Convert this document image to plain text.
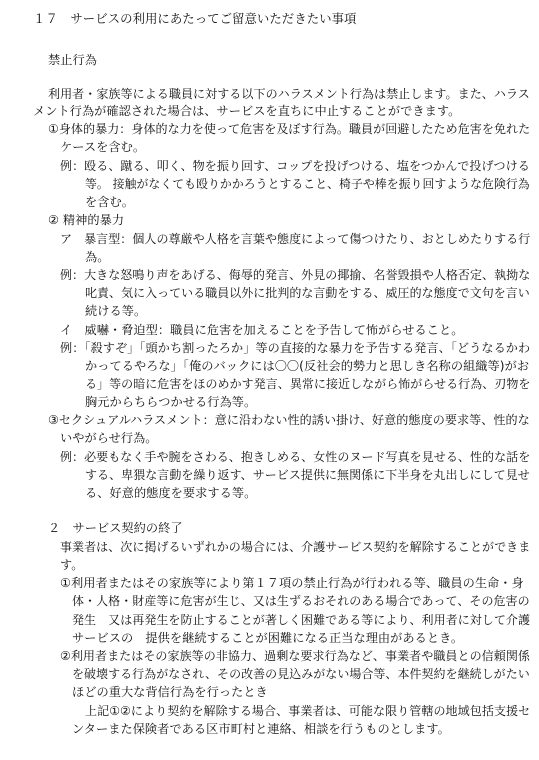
１７　サービスの利用にあたってご留意いただきたい事項
禁止行為
利用者・家族等による職員に対する以下のハラスメント行為は禁止します。また、ハラス
メント行為が確認された場合は、サービスを直ちに中止することができます。
①身体的暴力：身体的な力を使って危害を及ぼす行為。職員が回避したため危害を免れた
ケースを含む。
例：殴る、蹴る、叩く、物を振り回す、コップを投げつける、塩をつかんで投げつける
等。 接触がなくても殴りかかろうとすること、椅子や棒を振り回すような危険行為
を含む。
② 精神的暴力
ア　暴言型：個人の尊厳や人格を言葉や態度によって傷つけたり、おとしめたりする行
為。
例：大きな怒鳴り声をあげる、侮辱的発言、外見の揶揄、名誉毀損や人格否定、執拗な
叱責、気に入っている職員以外に批判的な言動をする、威圧的な態度で文句を言い
続ける等。
イ　威嚇・脅迫型：職員に危害を加えることを予告して怖がらせること。
例：「殺すぞ」「頭かち割ったろか」等の直接的な暴力を予告する発言、「どうなるかわ
かってるやろな」「俺のバックには〇〇(反社会的勢力と思しき名称の組織等)がお
る」等の暗に危害をほのめかす発言、異常に接近しながら怖がらせる行為、刃物を
胸元からちらつかせる行為等。
③セクシュアルハラスメント：意に沿わない性的誘い掛け、好意的態度の要求等、性的な
いやがらせ行為。
例：必要もなく手や腕をさわる、抱きしめる、女性のヌード写真を見せる、性的な話を
する、卑猥な言動を繰り返す、サービス提供に無関係に下半身を丸出しにして見せ
る、好意的態度を要求する等。
２　サービス契約の終了
事業者は、次に掲げるいずれかの場合には、介護サービス契約を解除することができま
す。
①利用者またはその家族等により第１７項の禁止行為が行われる等、職員の生命・身
体・人格・財産等に危害が生じ、又は生ずるおそれのある場合であって、その危害の
発生　又は再発生を防止することが著しく困難である等により、利用者に対して介護
サービスの　提供を継続することが困難になる正当な理由があるとき。
②利用者またはその家族等の非協力、過剰な要求行為など、事業者や職員との信頼関係
を破壊する行為がなされ、その改善の見込みがない場合等、本件契約を継続しがたい
ほどの重大な背信行為を行ったとき
上記①②により契約を解除する場合、事業者は、可能な限り管轄の地域包括支援セ
ンターまた保険者である区市町村と連絡、相談を行うものとします。
